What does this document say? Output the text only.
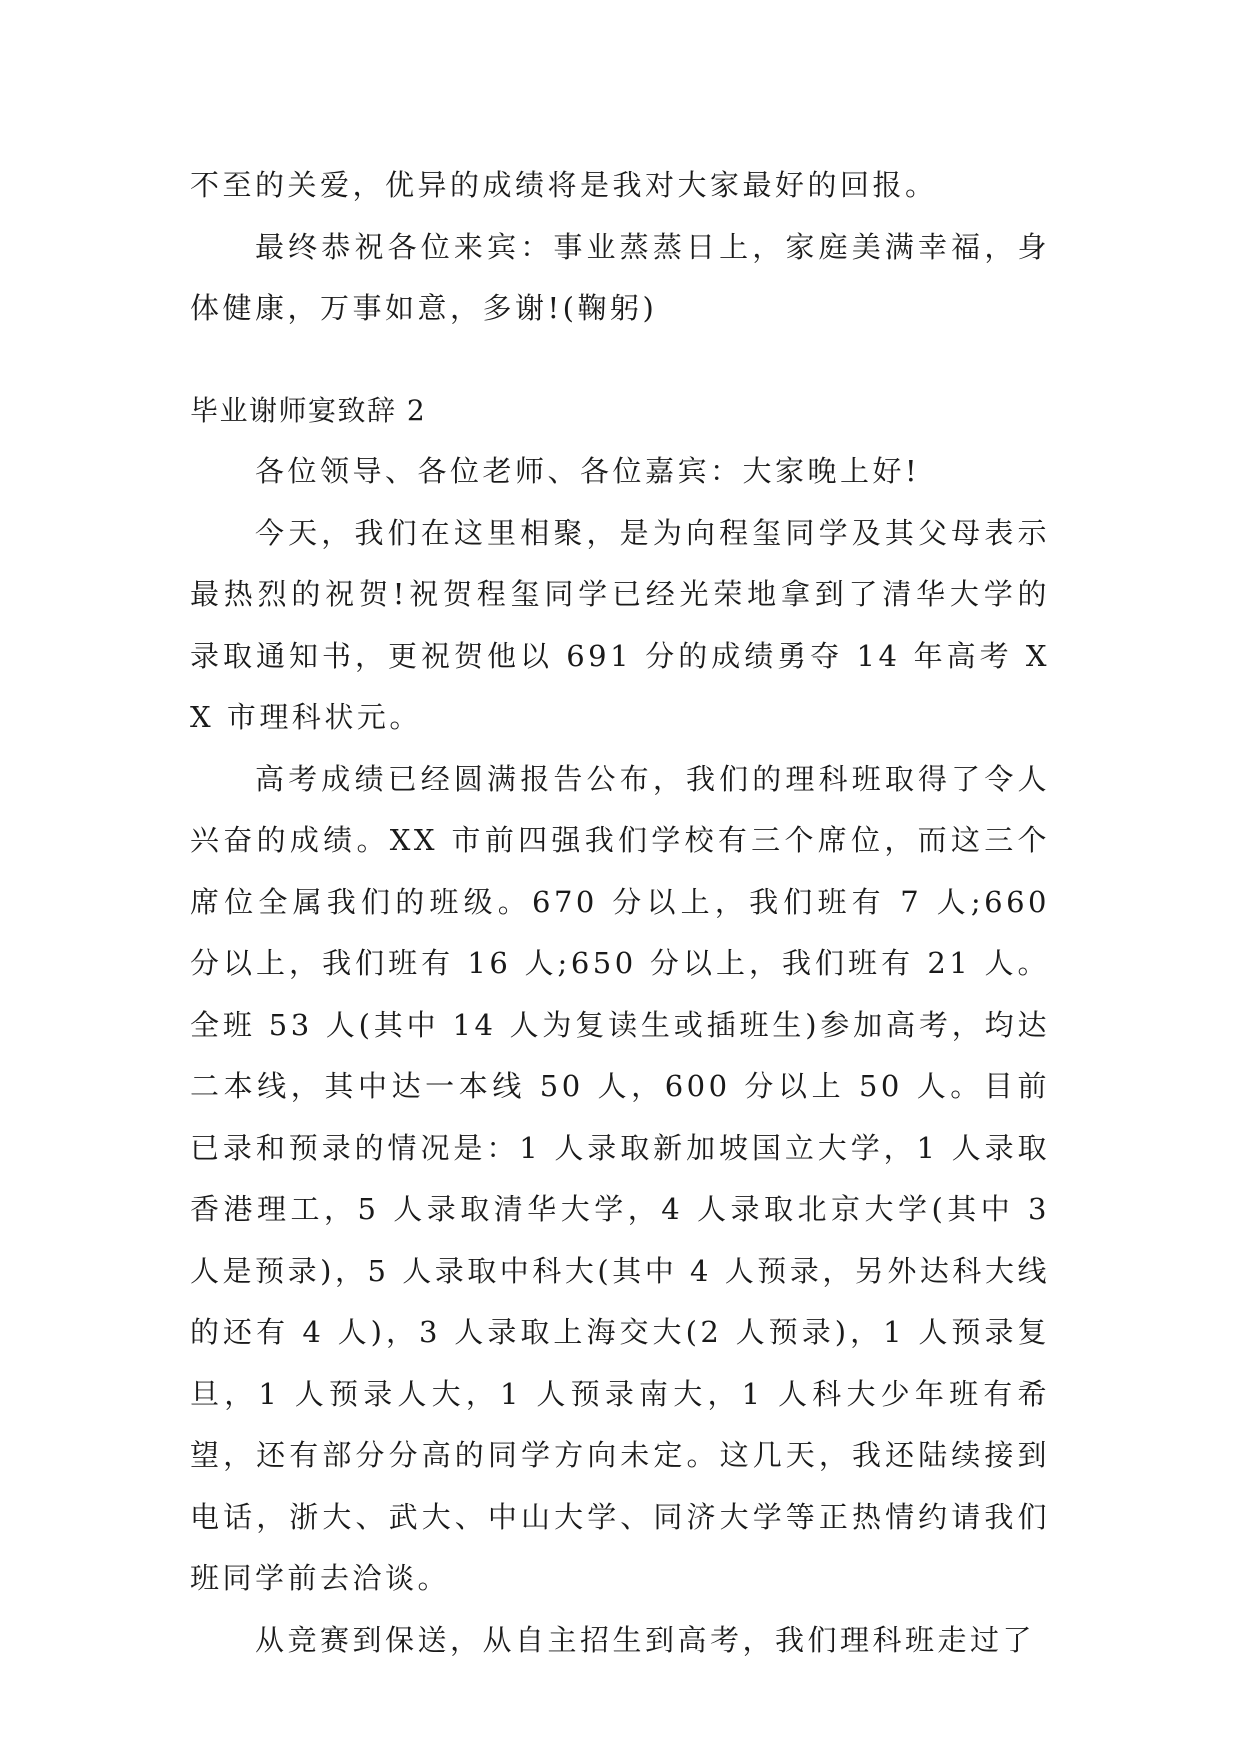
不至的关爱，优异的成绩将是我对大家最好的回报。

最终恭祝各位来宾：事业蒸蒸日上，家庭美满幸福，身体健康，万事如意，多谢!(鞠躬)

毕业谢师宴致辞 2

各位领导、各位老师、各位嘉宾：大家晚上好!

今天，我们在这里相聚，是为向程玺同学及其父母表示最热烈的祝贺!祝贺程玺同学已经光荣地拿到了清华大学的录取通知书，更祝贺他以 691 分的成绩勇夺 14 年高考 XX 市理科状元。

高考成绩已经圆满报告公布，我们的理科班取得了令人兴奋的成绩。XX 市前四强我们学校有三个席位，而这三个席位全属我们的班级。670 分以上，我们班有 7 人;660 分以上，我们班有 16 人;650 分以上，我们班有 21 人。全班 53 人(其中 14 人为复读生或插班生)参加高考，均达二本线，其中达一本线 50 人，600 分以上 50 人。目前已录和预录的情况是：1 人录取新加坡国立大学，1 人录取香港理工，5 人录取清华大学，4 人录取北京大学(其中 3 人是预录)，5 人录取中科大(其中 4 人预录，另外达科大线的还有 4 人)，3 人录取上海交大(2 人预录)，1 人预录复旦，1 人预录人大，1 人预录南大，1 人科大少年班有希望，还有部分分高的同学方向未定。这几天，我还陆续接到电话，浙大、武大、中山大学、同济大学等正热情约请我们班同学前去洽谈。

从竞赛到保送，从自主招生到高考，我们理科班走过了
